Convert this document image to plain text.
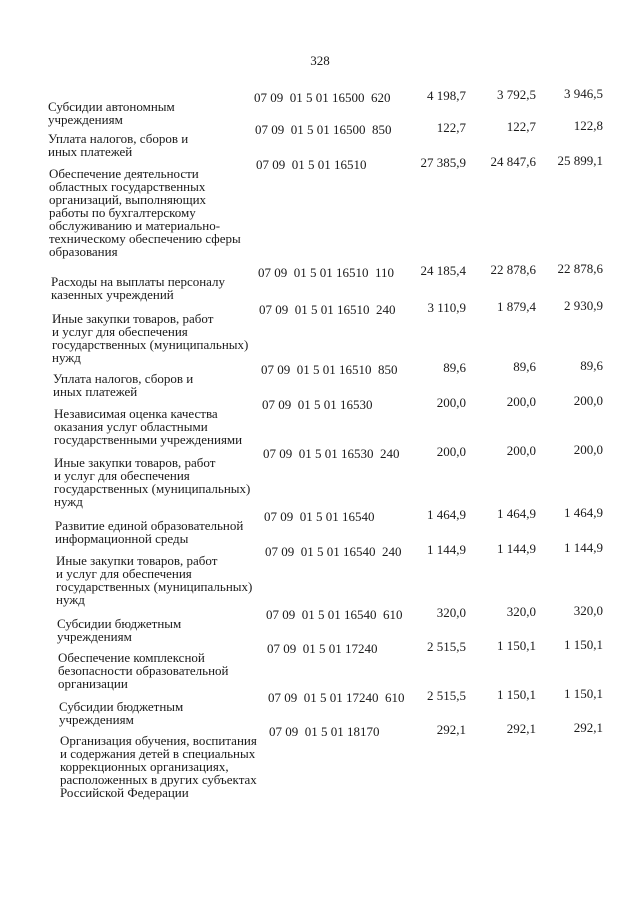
328
Субсидии автономным
учреждениям
07 09  01 5 01 16500  620	4 198,7	3 792,5	3 946,5
Уплата налогов, сборов и
иных платежей
07 09  01 5 01 16500  850	122,7	122,7	122,8
Обеспечение деятельности
областных государственных
организаций, выполняющих
работы по бухгалтерскому
обслуживанию и материально-
техническому обеспечению сферы
образования
07 09  01 5 01 16510	27 385,9	24 847,6	25 899,1
Расходы на выплаты персоналу
казенных учреждений
07 09  01 5 01 16510  110	24 185,4	22 878,6	22 878,6
Иные закупки товаров, работ
и услуг для обеспечения
государственных (муниципальных)
нужд
07 09  01 5 01 16510  240	3 110,9	1 879,4	2 930,9
Уплата налогов, сборов и
иных платежей
07 09  01 5 01 16510  850	89,6	89,6	89,6
Независимая оценка качества
оказания услуг областными
государственными учреждениями
07 09  01 5 01 16530	200,0	200,0	200,0
Иные закупки товаров, работ
и услуг для обеспечения
государственных (муниципальных)
нужд
07 09  01 5 01 16530  240	200,0	200,0	200,0
Развитие единой образовательной
информационной среды
07 09  01 5 01 16540	1 464,9	1 464,9	1 464,9
Иные закупки товаров, работ
и услуг для обеспечения
государственных (муниципальных)
нужд
07 09  01 5 01 16540  240	1 144,9	1 144,9	1 144,9
Субсидии бюджетным
учреждениям
07 09  01 5 01 16540  610	320,0	320,0	320,0
Обеспечение комплексной
безопасности образовательной
организации
07 09  01 5 01 17240	2 515,5	1 150,1	1 150,1
Субсидии бюджетным
учреждениям
07 09  01 5 01 17240  610	2 515,5	1 150,1	1 150,1
Организация обучения, воспитания
и содержания детей в специальных
коррекционных организациях,
расположенных в других субъектах
Российской Федерации
07 09  01 5 01 18170	292,1	292,1	292,1
